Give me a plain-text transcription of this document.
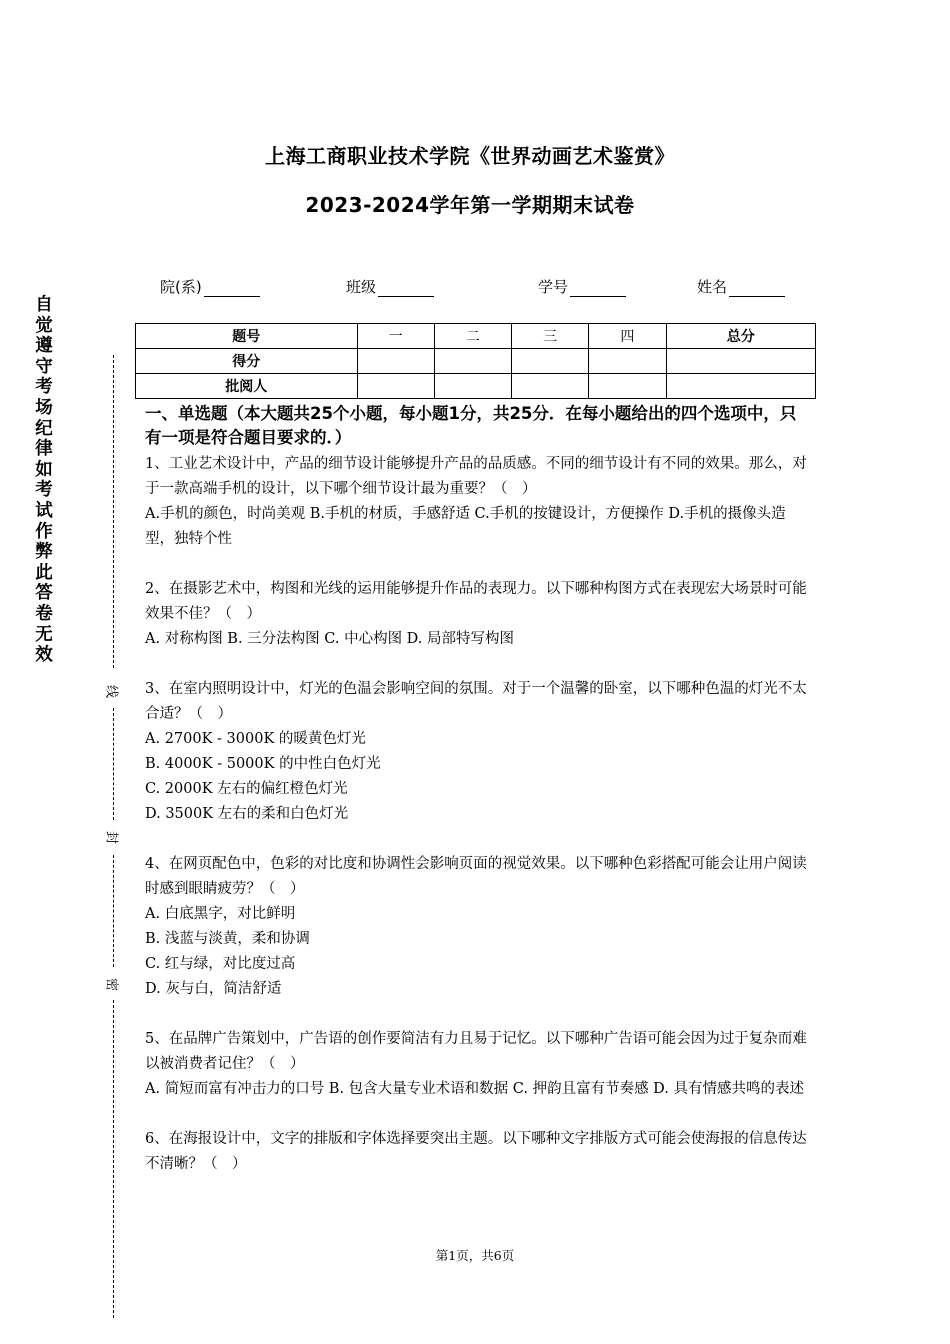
上海工商职业技术学院《世界动画艺术鉴赏》
2023-2024学年第一学期期末试卷
院(系)	班级	学号	姓名
题号	一	二	三	四	总分
得分					
批阅人					
自
觉
遵
守
考
场
纪
律
如
考
试
作
弊
此
答
卷
无
效
线
封
密
一、单选题（本大题共25个小题，每小题1分，共25分．在每小题给出的四个选项中，只有一项是符合题目要求的．）

1、工业艺术设计中，产品的细节设计能够提升产品的品质感。不同的细节设计有不同的效果。那么，对于一款高端手机的设计，以下哪个细节设计最为重要？（　）

A.手机的颜色，时尚美观 B.手机的材质，手感舒适 C.手机的按键设计，方便操作 D.手机的摄像头造型，独特个性

2、在摄影艺术中，构图和光线的运用能够提升作品的表现力。以下哪种构图方式在表现宏大场景时可能效果不佳？（　）

A. 对称构图 B. 三分法构图 C. 中心构图 D. 局部特写构图

3、在室内照明设计中，灯光的色温会影响空间的氛围。对于一个温馨的卧室，以下哪种色温的灯光不太合适？（　）

A. 2700K - 3000K 的暖黄色灯光

B. 4000K - 5000K 的中性白色灯光

C. 2000K 左右的偏红橙色灯光

D. 3500K 左右的柔和白色灯光

4、在网页配色中，色彩的对比度和协调性会影响页面的视觉效果。以下哪种色彩搭配可能会让用户阅读时感到眼睛疲劳？（　）

A. 白底黑字，对比鲜明

B. 浅蓝与淡黄，柔和协调

C. 红与绿，对比度过高

D. 灰与白，简洁舒适

5、在品牌广告策划中，广告语的创作要简洁有力且易于记忆。以下哪种广告语可能会因为过于复杂而难以被消费者记住？（　）

A. 简短而富有冲击力的口号 B. 包含大量专业术语和数据 C. 押韵且富有节奏感 D. 具有情感共鸣的表述

6、在海报设计中，文字的排版和字体选择要突出主题。以下哪种文字排版方式可能会使海报的信息传达不清晰？（　）

第1页，共6页
